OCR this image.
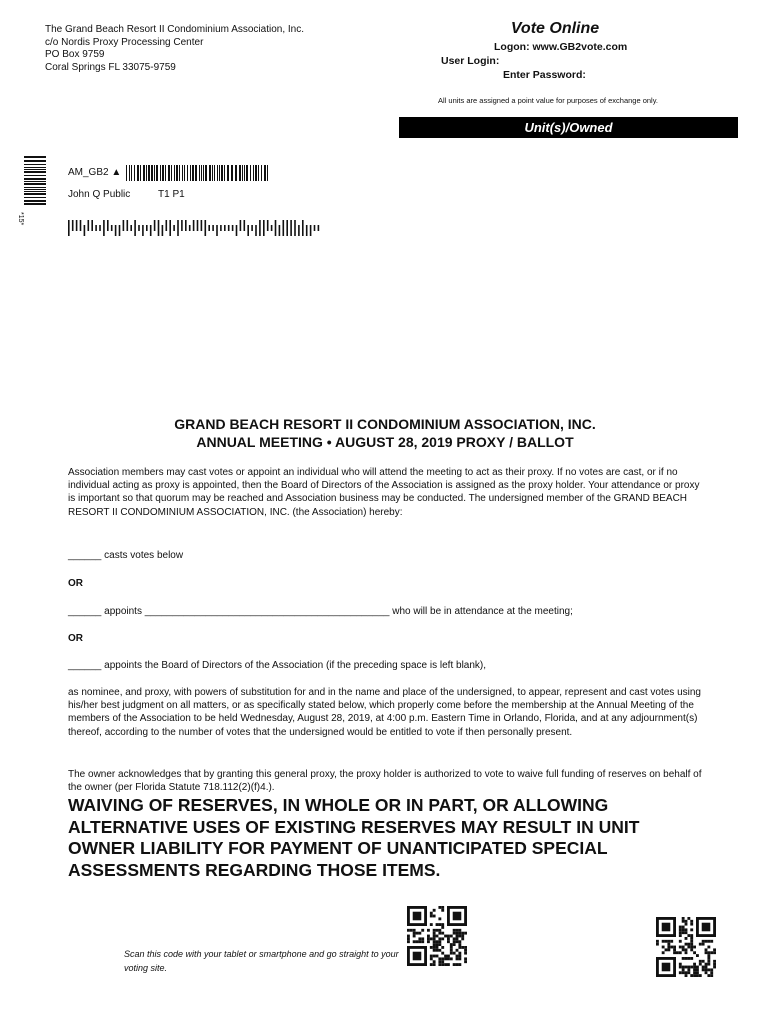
The Grand Beach Resort II Condominium Association, Inc.
c/o Nordis Proxy Processing Center
PO Box 9759
Coral Springs FL 33075-9759
Vote Online
Logon: www.GB2vote.com
User Login:
Enter Password:
All units are assigned a point value for purposes of exchange only.
Unit(s)/Owned
*15*
AM_GB2 ▲
John Q Public	T1 P1
GRAND BEACH RESORT II CONDOMINIUM ASSOCIATION, INC.
ANNUAL MEETING • AUGUST 28, 2019 PROXY / BALLOT
Association members may cast votes or appoint an individual who will attend the meeting to act as their proxy. If no votes are cast, or if no individual acting as proxy is appointed, then the Board of Directors of the Association is assigned as the proxy holder. Your attendance or proxy is important so that quorum may be reached and Association business may be conducted. The undersigned member of the GRAND BEACH RESORT II CONDOMINIUM ASSOCIATION, INC. (the Association) hereby:
______ casts votes below
OR
______ appoints ____________________________________________ who will be in attendance at the meeting;
OR
______ appoints the Board of Directors of the Association (if the preceding space is left blank),
as nominee, and proxy, with powers of substitution for and in the name and place of the undersigned, to appear, represent and cast votes using his/her best judgment on all matters, or as specifically stated below, which properly come before the membership at the Annual Meeting of the members of the Association to be held Wednesday, August 28, 2019, at 4:00 p.m. Eastern Time in Orlando, Florida, and at any adjournment(s) thereof, according to the number of votes that the undersigned would be entitled to vote if then personally present.
The owner acknowledges that by granting this general proxy, the proxy holder is authorized to vote to waive full funding of reserves on behalf of the owner (per Florida Statute 718.112(2)(f)4.).
WAIVING OF RESERVES, IN WHOLE OR IN PART, OR ALLOWING ALTERNATIVE USES OF EXISTING RESERVES MAY RESULT IN UNIT OWNER LIABILITY FOR PAYMENT OF UNANTICIPATED SPECIAL ASSESSMENTS REGARDING THOSE ITEMS.
Scan this code with your tablet or smartphone and go straight to your voting site.
